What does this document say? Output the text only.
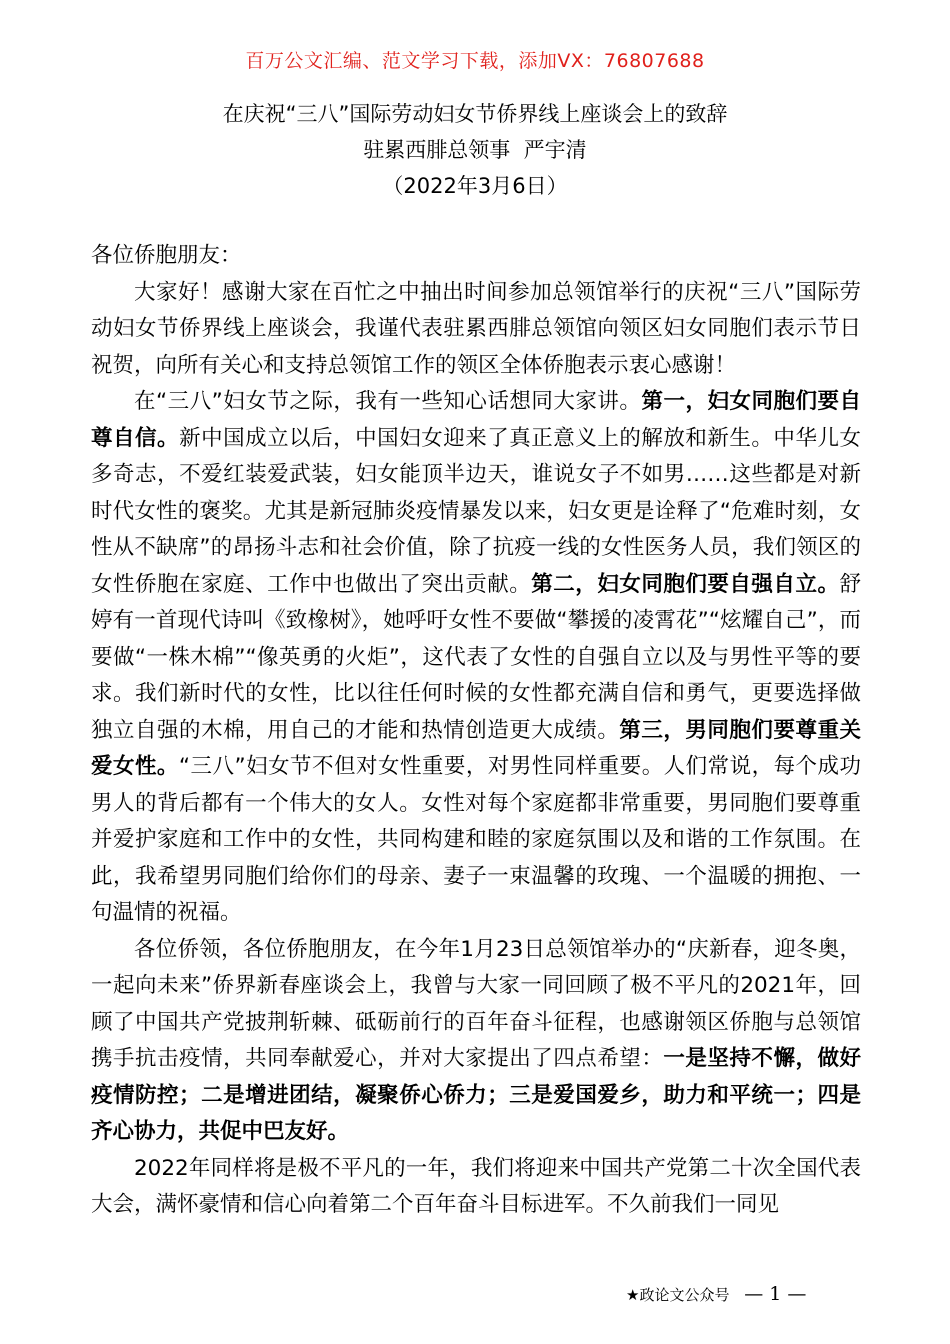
百万公文汇编、范文学习下载，添加VX：76807688
在庆祝“三八”国际劳动妇女节侨界线上座谈会上的致辞
驻累西腓总领事  严宇清
（2022年3月6日）

各位侨胞朋友：

大家好！感谢大家在百忙之中抽出时间参加总领馆举行的庆祝“三八”国际劳动妇女节侨界线上座谈会，我谨代表驻累西腓总领馆向领区妇女同胞们表示节日祝贺，向所有关心和支持总领馆工作的领区全体侨胞表示衷心感谢！

在“三八”妇女节之际，我有一些知心话想同大家讲。第一，妇女同胞们要自尊自信。新中国成立以后，中国妇女迎来了真正意义上的解放和新生。中华儿女多奇志，不爱红装爱武装，妇女能顶半边天，谁说女子不如男……这些都是对新时代女性的褒奖。尤其是新冠肺炎疫情暴发以来，妇女更是诠释了“危难时刻，女性从不缺席”的昂扬斗志和社会价值，除了抗疫一线的女性医务人员，我们领区的女性侨胞在家庭、工作中也做出了突出贡献。第二，妇女同胞们要自强自立。舒婷有一首现代诗叫《致橡树》，她呼吁女性不要做“攀援的凌霄花”“炫耀自己”，而要做“一株木棉”“像英勇的火炬”，这代表了女性的自强自立以及与男性平等的要求。我们新时代的女性，比以往任何时候的女性都充满自信和勇气，更要选择做独立自强的木棉，用自己的才能和热情创造更大成绩。第三，男同胞们要尊重关爱女性。“三八”妇女节不但对女性重要，对男性同样重要。人们常说，每个成功男人的背后都有一个伟大的女人。女性对每个家庭都非常重要，男同胞们要尊重并爱护家庭和工作中的女性，共同构建和睦的家庭氛围以及和谐的工作氛围。在此，我希望男同胞们给你们的母亲、妻子一束温馨的玫瑰、一个温暖的拥抱、一句温情的祝福。

各位侨领，各位侨胞朋友，在今年1月23日总领馆举办的“庆新春，迎冬奥，一起向未来”侨界新春座谈会上，我曾与大家一同回顾了极不平凡的2021年，回顾了中国共产党披荆斩棘、砥砺前行的百年奋斗征程，也感谢领区侨胞与总领馆携手抗击疫情，共同奉献爱心，并对大家提出了四点希望：一是坚持不懈，做好疫情防控；二是增进团结，凝聚侨心侨力；三是爱国爱乡，助力和平统一；四是齐心协力，共促中巴友好。

2022年同样将是极不平凡的一年，我们将迎来中国共产党第二十次全国代表大会，满怀豪情和信心向着第二个百年奋斗目标进军。不久前我们一同见

★政论文公众号 — 1 —
